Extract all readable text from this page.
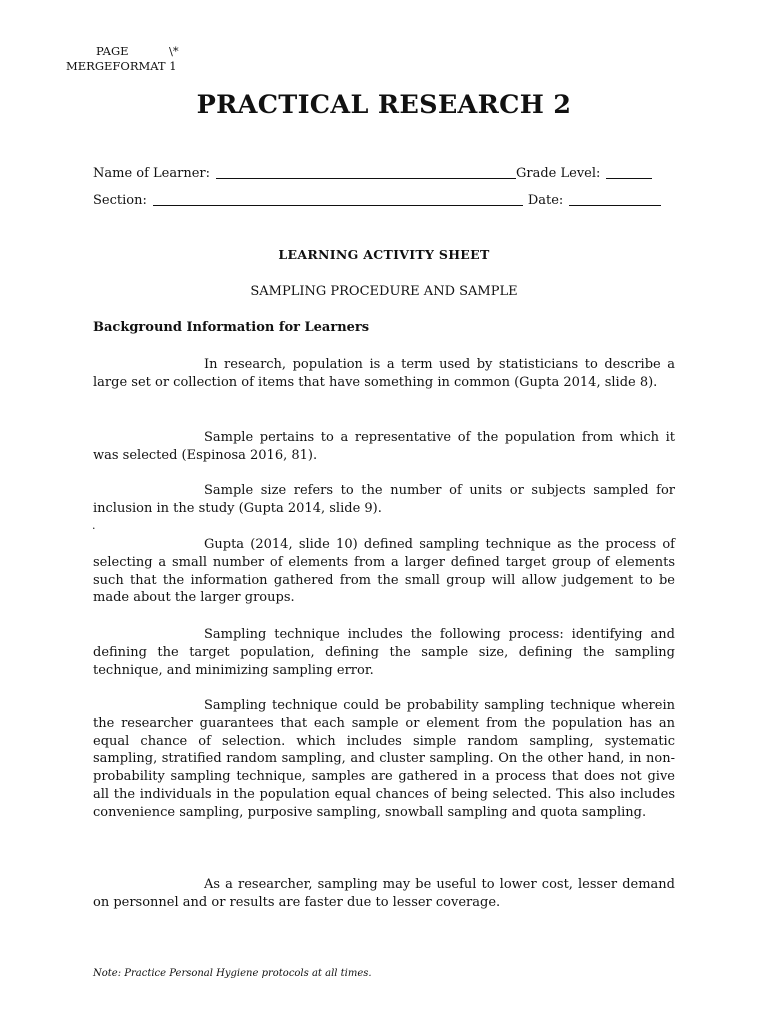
PAGE	\*
MERGEFORMAT 1
PRACTICAL RESEARCH 2
Name of Learner:	Grade Level:
Section:	Date:
LEARNING ACTIVITY SHEET
SAMPLING PROCEDURE AND SAMPLE
Background Information for Learners

In research, population is a term used by statisticians to describe a large set or collection of items that have something in common (Gupta 2014, slide 8).

Sample pertains to a representative of the population from which it was selected (Espinosa 2016, 81).

Sample size refers to the number of units or subjects sampled for inclusion in the study (Gupta 2014, slide 9).

.

Gupta (2014, slide 10) defined sampling technique as the process of selecting a small number of elements from a larger defined target group of elements such that the information gathered from the small group will allow judgement to be made about the larger groups.

Sampling technique includes the following process: identifying and defining the target population, defining the sample size, defining the sampling technique, and minimizing sampling error.

Sampling technique could be probability sampling technique wherein the researcher guarantees that each sample or element from the population has an equal chance of selection. which includes simple random sampling, systematic sampling, stratified random sampling, and cluster sampling. On the other hand, in non-probability sampling technique, samples are gathered in a process that does not give all the individuals in the population equal chances of being selected. This also includes convenience sampling, purposive sampling, snowball sampling and quota sampling.

As a researcher, sampling may be useful to lower cost, lesser demand on personnel and or results are faster due to lesser coverage.

Note: Practice Personal Hygiene protocols at all times.
